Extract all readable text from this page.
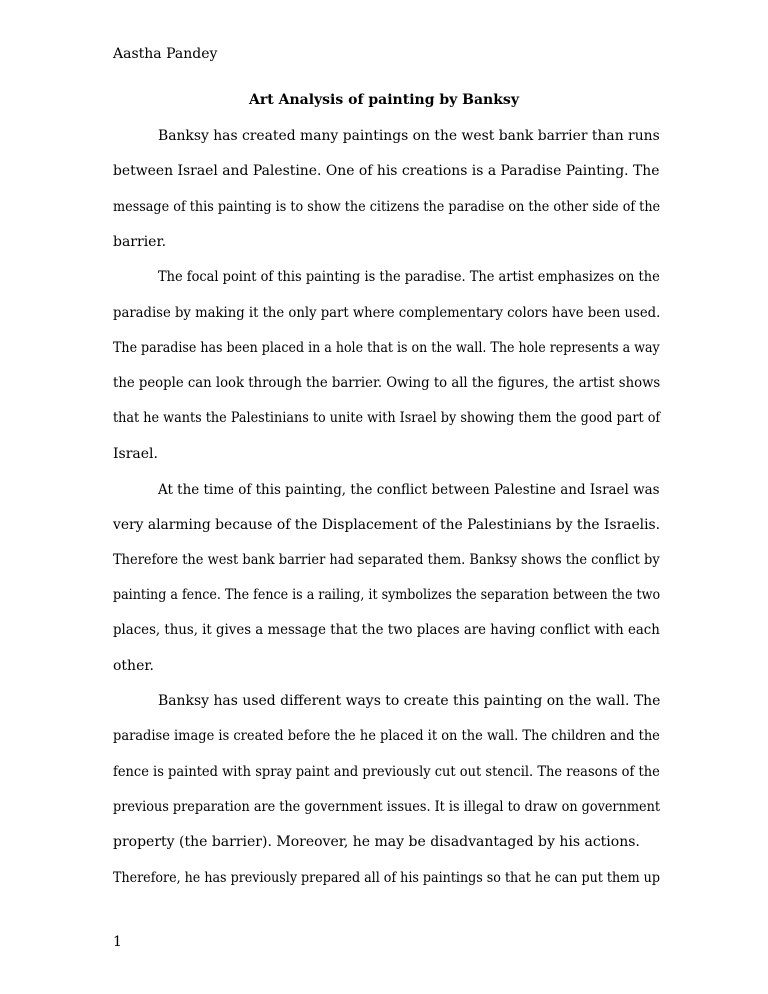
Aastha Pandey
Art Analysis of painting by Banksy
Banksy has created many paintings on the west bank barrier than runs
between Israel and Palestine. One of his creations is a Paradise Painting. The
message of this painting is to show the citizens the paradise on the other side of the
barrier.
The focal point of this painting is the paradise. The artist emphasizes on the
paradise by making it the only part where complementary colors have been used.
The paradise has been placed in a hole that is on the wall. The hole represents a way
the people can look through the barrier. Owing to all the figures, the artist shows
that he wants the Palestinians to unite with Israel by showing them the good part of
Israel.
At the time of this painting, the conflict between Palestine and Israel was
very alarming because of the Displacement of the Palestinians by the Israelis.
Therefore the west bank barrier had separated them. Banksy shows the conflict by
painting a fence. The fence is a railing, it symbolizes the separation between the two
places, thus, it gives a message that the two places are having conflict with each
other.
Banksy has used different ways to create this painting on the wall. The
paradise image is created before the he placed it on the wall. The children and the
fence is painted with spray paint and previously cut out stencil. The reasons of the
previous preparation are the government issues. It is illegal to draw on government
property (the barrier). Moreover, he may be disadvantaged by his actions.
Therefore, he has previously prepared all of his paintings so that he can put them up
1
